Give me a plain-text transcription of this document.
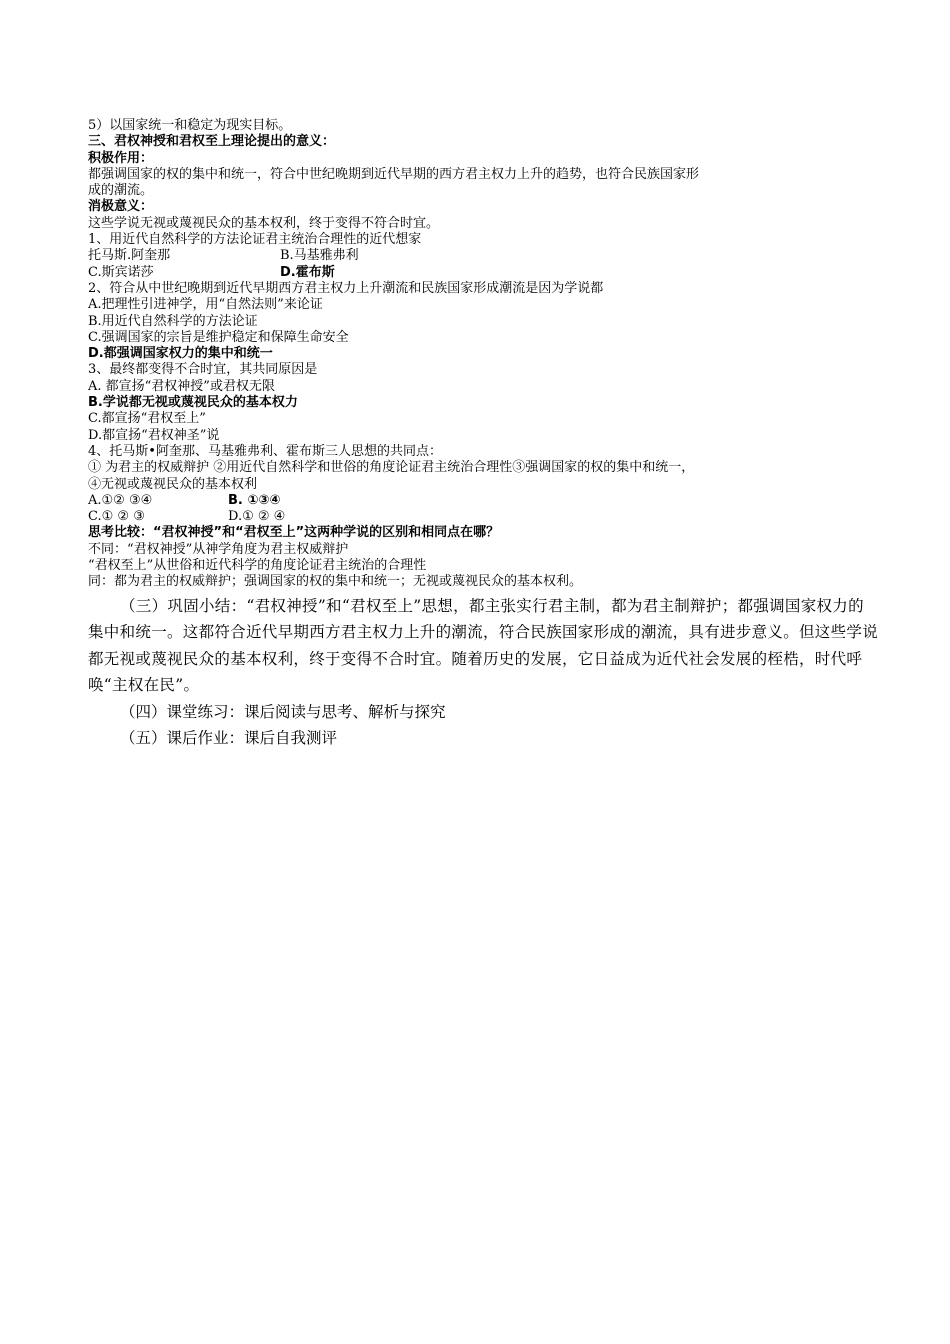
5）以国家统一和稳定为现实目标。
三、君权神授和君权至上理论提出的意义：
积极作用：
都强调国家的权的集中和统一，符合中世纪晚期到近代早期的西方君主权力上升的趋势，也符合民族国家形
成的潮流。
消极意义：
这些学说无视或蔑视民众的基本权利，终于变得不符合时宜。
1、用近代自然科学的方法论证君主统治合理性的近代想家
托马斯.阿奎那	B.马基雅弗利
C.斯宾诺莎	D.霍布斯
2、符合从中世纪晚期到近代早期西方君主权力上升潮流和民族国家形成潮流是因为学说都
A.把理性引进神学，用“自然法则”来论证
B.用近代自然科学的方法论证
C.强调国家的宗旨是维护稳定和保障生命安全
D.都强调国家权力的集中和统一
3、最终都变得不合时宜，其共同原因是
A. 都宣扬“君权神授”或君权无限
B.学说都无视或蔑视民众的基本权力
C.都宣扬“君权至上”
D.都宣扬“君权神圣”说
4、托马斯•阿奎那、马基雅弗利、霍布斯三人思想的共同点：
① 为君主的权威辩护 ②用近代自然科学和世俗的角度论证君主统治合理性③强调国家的权的集中和统一，
④无视或蔑视民众的基本权利
A.①② ③④	B. ①③④
C.① ② ③	D.① ② ④
思考比较：“君权神授”和“君权至上”这两种学说的区别和相同点在哪？
不同：“君权神授”从神学角度为君主权威辩护
“君权至上”从世俗和近代科学的角度论证君主统治的合理性
同：都为君主的权威辩护；强调国家的权的集中和统一；无视或蔑视民众的基本权利。
（三）巩固小结：“君权神授”和“君权至上”思想，都主张实行君主制，都为君主制辩护；都强调国家权力的集中和统一。这都符合近代早期西方君主权力上升的潮流，符合民族国家形成的潮流，具有进步意义。但这些学说都无视或蔑视民众的基本权利，终于变得不合时宜。随着历史的发展，它日益成为近代社会发展的桎梏，时代呼唤“主权在民”。
（四）课堂练习：课后阅读与思考、解析与探究
（五）课后作业：课后自我测评
